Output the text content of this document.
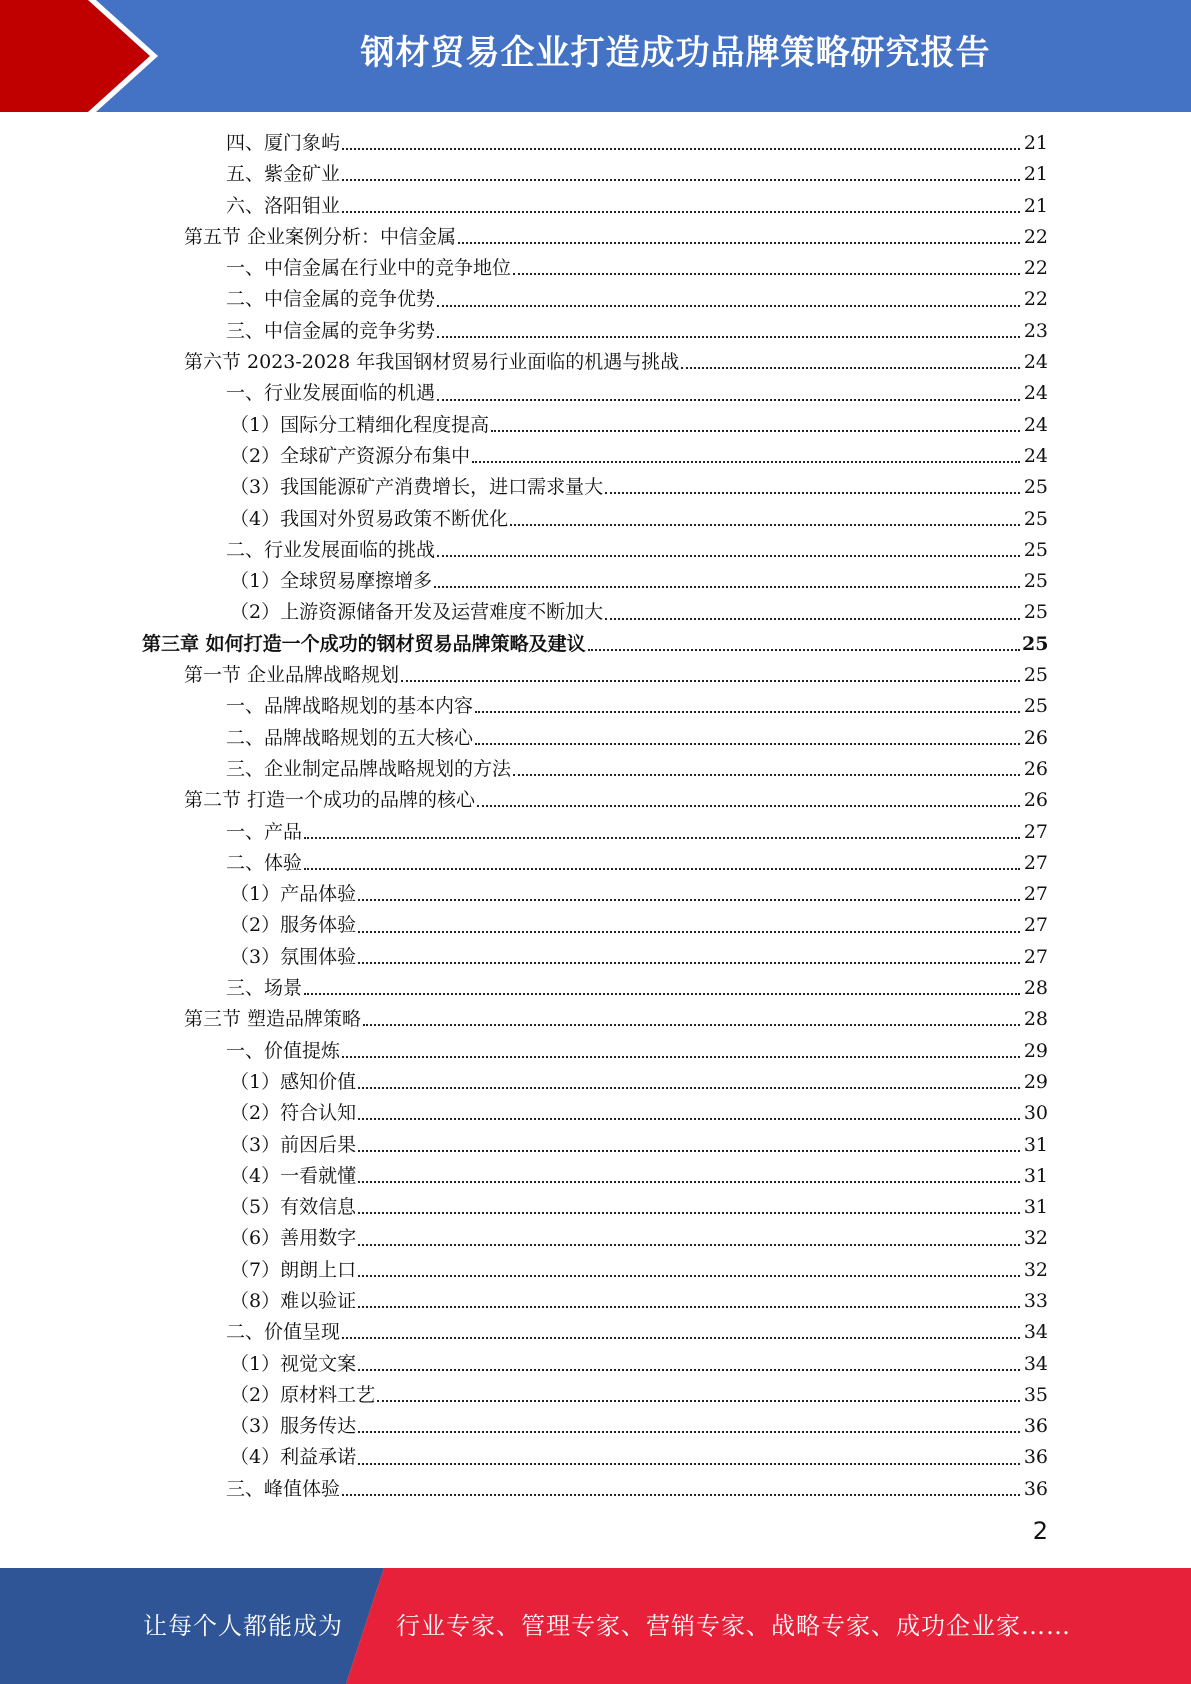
钢材贸易企业打造成功品牌策略研究报告
四、厦门象屿	21
五、紫金矿业	21
六、洛阳钼业	21
第五节 企业案例分析：中信金属	22
一、中信金属在行业中的竞争地位	22
二、中信金属的竞争优势	22
三、中信金属的竞争劣势	23
第六节 2023-2028 年我国钢材贸易行业面临的机遇与挑战	24
一、行业发展面临的机遇	24
（1）国际分工精细化程度提高	24
（2）全球矿产资源分布集中	24
（3）我国能源矿产消费增长，进口需求量大	25
（4）我国对外贸易政策不断优化	25
二、行业发展面临的挑战	25
（1）全球贸易摩擦增多	25
（2）上游资源储备开发及运营难度不断加大	25
第三章 如何打造一个成功的钢材贸易品牌策略及建议	25
第一节 企业品牌战略规划	25
一、品牌战略规划的基本内容	25
二、品牌战略规划的五大核心	26
三、企业制定品牌战略规划的方法	26
第二节 打造一个成功的品牌的核心	26
一、产品	27
二、体验	27
（1）产品体验	27
（2）服务体验	27
（3）氛围体验	27
三、场景	28
第三节 塑造品牌策略	28
一、价值提炼	29
（1）感知价值	29
（2）符合认知	30
（3）前因后果	31
（4）一看就懂	31
（5）有效信息	31
（6）善用数字	32
（7）朗朗上口	32
（8）难以验证	33
二、价值呈现	34
（1）视觉文案	34
（2）原材料工艺	35
（3）服务传达	36
（4）利益承诺	36
三、峰值体验	36
2
让每个人都能成为 行业专家、管理专家、营销专家、战略专家、成功企业家……
